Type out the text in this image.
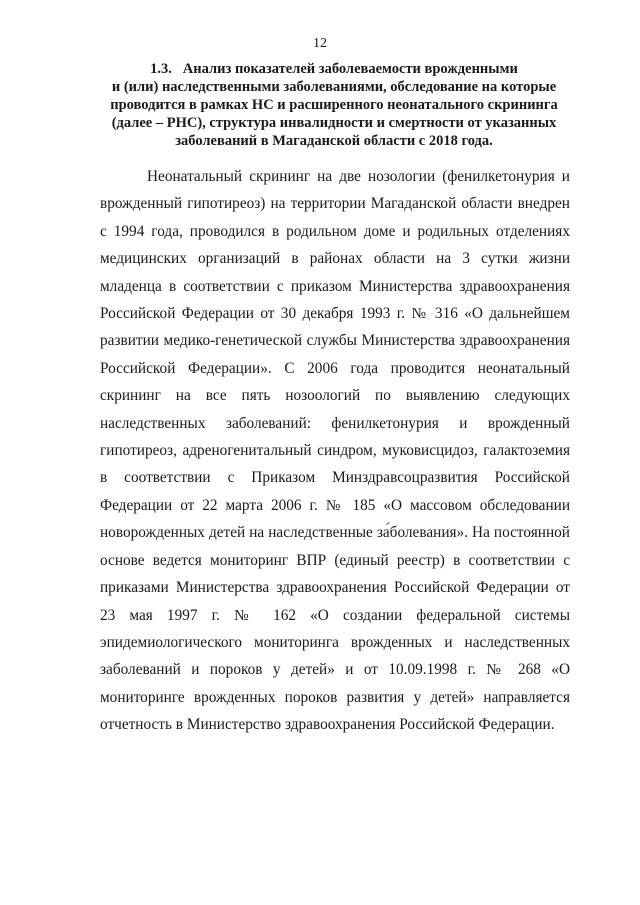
12
1.3. Анализ показателей заболеваемости врожденными
и (или) наследственными заболеваниями, обследование на которые
проводится в рамках НС и расширенного неонатального скрининга
(далее – РНС), структура инвалидности и смертности от указанных
заболеваний в Магаданской области с 2018 года.

Неонатальный скрининг на две нозологии (фенилкетонурия и врожденный гипотиреоз) на территории Магаданской области внедрен с 1994 года, проводился в родильном доме и родильных отделениях медицинских организаций в районах области на 3 сутки жизни младенца в соответствии с приказом Министерства здравоохранения Российской Федерации от 30 декабря 1993 г. № 316 «О дальнейшем развитии медико-генетической службы Министерства здравоохранения Российской Федерации». С 2006 года проводится неонатальный скрининг на все пять нозоологий по выявлению следующих наследственных заболеваний: фенилкетонурия и врожденный гипотиреоз, адреногенитальный синдром, муковисцидоз, галактоземия в соответствии с Приказом Минздравсоцразвития Российской Федерации от 22 марта 2006 г. № 185 «О массовом обследовании новорожденных детей на наследственные заболевания». На постоянной основе ведется мониторинг ВПР (единый реестр) в соответствии с приказами Министерства здравоохранения Российской Федерации от 23 мая 1997 г. № 162 «О создании федеральной системы эпидемиологического мониторинга врожденных и наследственных заболеваний и пороков у детей» и от 10.09.1998 г. № 268 «О мониторинге врожденных пороков развития у детей» направляется отчетность в Министерство здравоохранения Российской Федерации.
